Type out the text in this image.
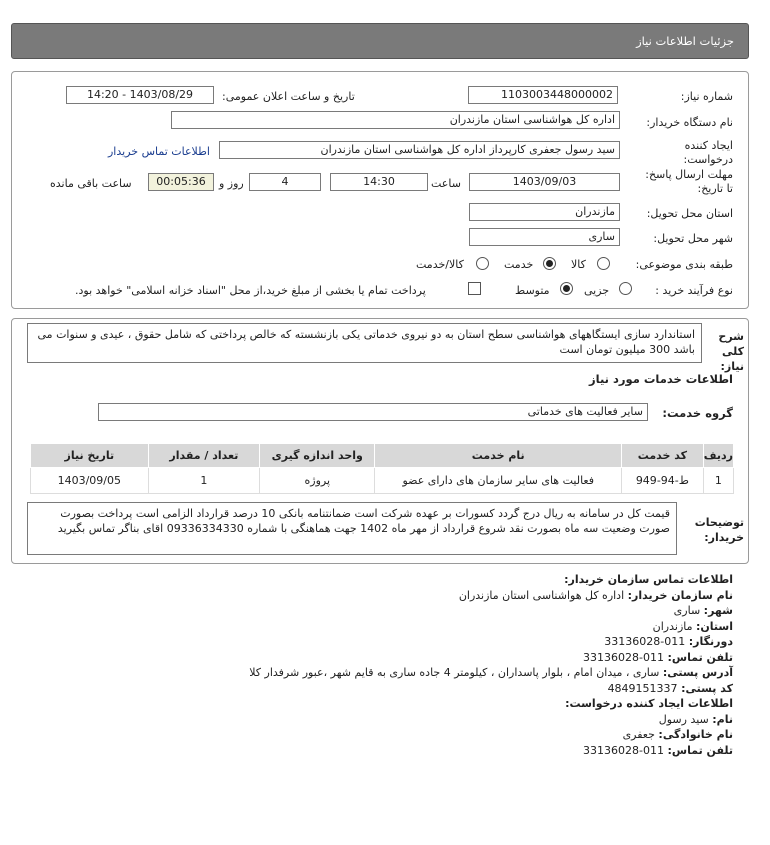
جزئیات اطلاعات نیاز
شماره نیاز:
1103003448000002
تاریخ و ساعت اعلان عمومی:
1403/08/29 - 14:20
نام دستگاه خریدار:
اداره کل هواشناسی استان مازندران
ایجاد کننده
درخواست:
سید رسول جعفری کارپرداز اداره کل هواشناسی استان مازندران
اطلاعات تماس خریدار
مهلت ارسال پاسخ:
تا تاریخ:
1403/09/03
ساعت
14:30
4
روز و
00:05:36
ساعت باقی مانده
استان محل تحویل:
مازندران
شهر محل تحویل:
ساری
طبقه بندی موضوعی:
کالا
خدمت
کالا/خدمت
نوع فرآیند خرید :
جزیی
متوسط
پرداخت تمام یا بخشی از مبلغ خرید،از محل "اسناد خزانه اسلامی" خواهد بود.
شرح کلی نیاز:
استاندارد سازی ایستگاههای هواشناسی سطح استان به دو نیروی خدماتی یکی بازنشسته که خالص پرداختی که شامل حقوق ، عیدی و سنوات می باشد 300 میلیون تومان است
اطلاعات خدمات مورد نیاز
گروه خدمت:
سایر فعالیت های خدماتی
ردیف	کد خدمت	نام خدمت	واحد اندازه گیری	تعداد / مقدار	تاریخ نیاز
1	ط-94-949	فعالیت های سایر سازمان های دارای عضو	پروژه	1	1403/09/05
توضیحات خریدار:
قیمت کل در سامانه به ریال درج گردد کسورات بر عهده شرکت است ضمانتنامه بانکی 10 درصد قرارداد الزامی است پرداخت بصورت صورت وضعیت سه ماه بصورت نقد شروع قرارداد از مهر ماه 1402 جهت هماهنگی با شماره 09336334330 اقای بناگر تماس بگیرید
اطلاعات تماس سازمان خریدار:
نام سازمان خریدار: اداره کل هواشناسی استان مازندران
شهر: ساری
استان: مازندران
دورنگار: 011-33136028
تلفن تماس: 011-33136028
آدرس پستی: ساری ، میدان امام ، بلوار پاسداران ، کیلومتر 4 جاده ساری به قایم شهر ،عبور شرفدار کلا
کد پستی: 4849151337
اطلاعات ایجاد کننده درخواست:
نام: سید رسول
نام خانوادگی: جعفری
تلفن تماس: 011-33136028
